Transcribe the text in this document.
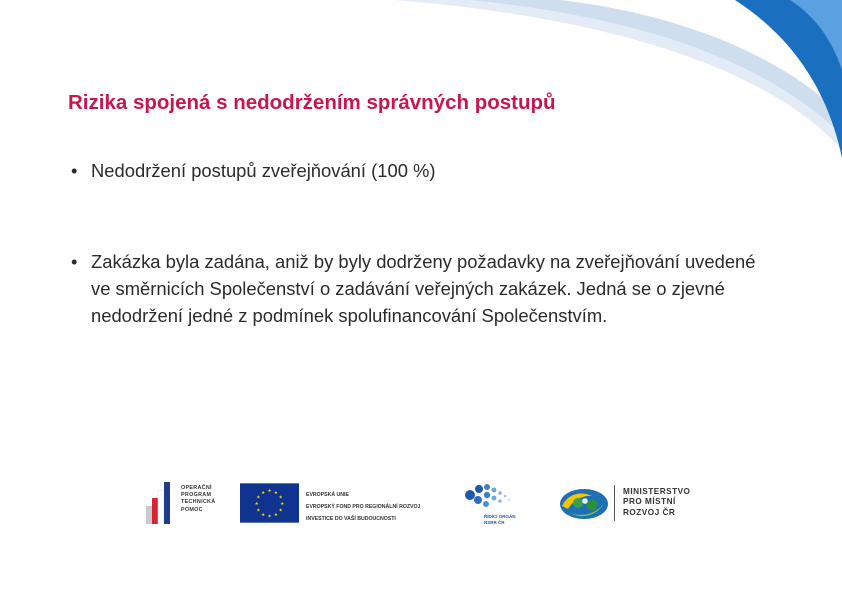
Rizika spojená s nedodržením správných postupů
• Nedodržení postupů zveřejňování (100 %)
• Zakázka byla zadána, aniž by byly dodrženy požadavky na zveřejňování uvedené ve směrnicích Společenství o zadávání veřejných zakázek. Jedná se o zjevné nedodržení jedné z podmínek spolufinancování Společenstvím.
OPERAČNÍ
PROGRAM
TECHNICKÁ
POMOC
★ ★
★
★
★
★
★
★
★
★
★
★	EVROPSKÁ UNIE
EVROPSKÝ FOND PRO REGIONÁLNÍ ROZVOJ
INVESTICE DO VAŠÍ BUDOUCNOSTI	ŘÍDÍCÍ ORGÁN
NSRR ČR
MINISTERSTVO
PRO MÍSTNÍ
ROZVOJ ČR
